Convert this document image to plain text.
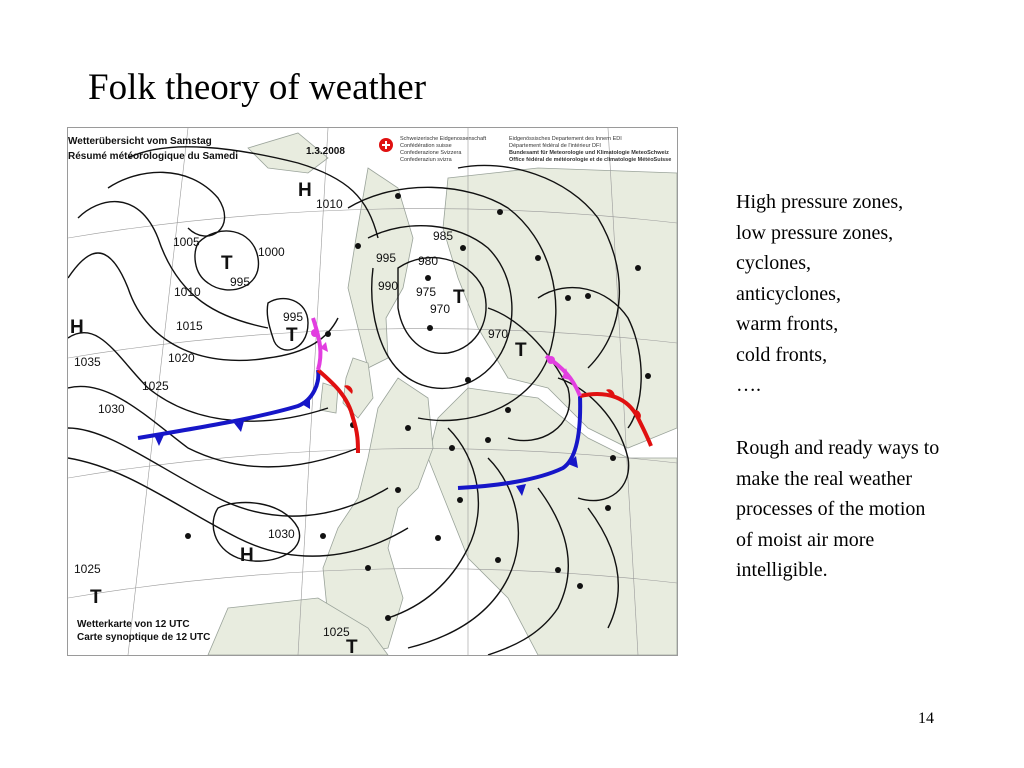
Folk theory of weather
H
T
H	T
T
T
H
T
T
1010
1005
1000
995
1010
1015
1020
1025
1030
1035
995
995
985
980
990 975
970
970
1030
1025
1025
Wetterübersicht vom Samstag
Résumé météorologique du Samedi	1.3.2008
Schweizerische Eidgenossenschaft
Confédération suisse
Confederazione Svizzera
Confederaziun svizra
Eidgenössisches Departement des Innern EDI
Département fédéral de l'intérieur DFI
Bundesamt für Meteorologie und Klimatologie MeteoSchweiz
Office fédéral de météorologie et de climatologie MétéoSuisse
Wetterkarte von 12 UTC
Carte synoptique de 12 UTC
High pressure zones,
low pressure zones,
cyclones,
anticyclones,
warm fronts,
cold fronts,
….
Rough and ready ways to
make the real weather
processes of the motion
of moist air more
intelligible.
14
